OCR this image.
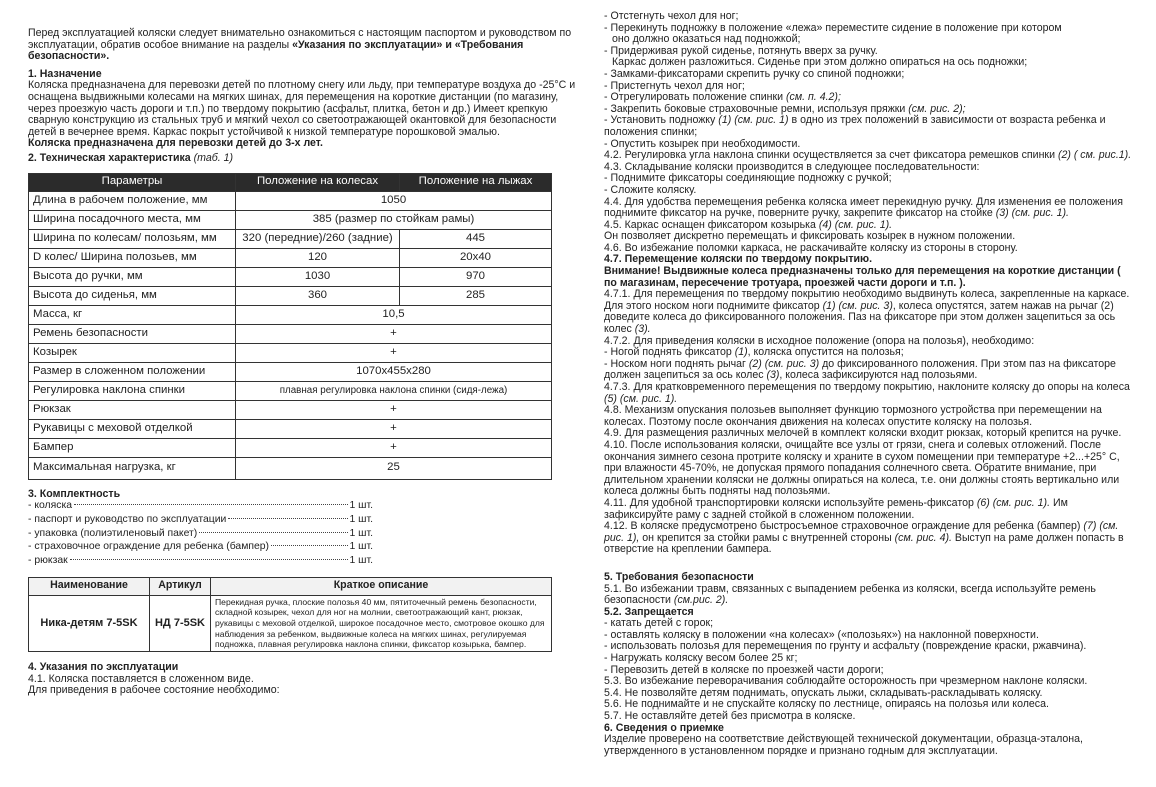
Перед эксплуатацией коляски следует внимательно ознакомиться с настоящим паспортом и руководством по эксплуатации, обратив особое внимание на разделы «Указания по эксплуатации» и «Требования безопасности».

1. Назначение

Коляска предназначена для перевозки детей по плотному снегу или льду, при температуре воздуха до -25°С и оснащена выдвижными колесами на мягких шинах, для перемещения на короткие дистанции (по магазину, через проезжую часть дороги и т.п.) по твердому покрытию (асфальт, плитка, бетон и др.) Имеет крепкую сварную конструкцию из стальных труб и мягкий чехол со светоотражающей окантовкой для безопасности детей в вечернее время. Каркас покрыт устойчивой к низкой температуре порошковой эмалью.

Коляска предназначена для перевозки детей до 3-х лет.

2. Техническая характеристика (таб. 1)

Параметры	Положение на колесах	Положение на лыжах
Длина в рабочем положение, мм	1050	
Ширина посадочного места, мм	385 (размер по стойкам рамы)	
Ширина по колесам/ полозьям, мм	320 (передние)/260 (задние)	445
D колес/ Ширина полозьев, мм	120	20х40
Высота до ручки, мм	1030	970
Высота до сиденья, мм	360	285
Масса, кг	10,5	
Ремень безопасности	+	
Козырек	+	
Размер в сложенном положении	1070x455x280	
Регулировка наклона спинки	плавная регулировка наклона спинки (сидя-лежа)	
Рюкзак	+	
Рукавицы с меховой отделкой	+	
Бампер	+	
Максимальная нагрузка, кг	25	

3. Комплектность

- коляска	1 шт.
- паспорт и руководство по эксплуатации	1 шт.
- упаковка (полиэтиленовый пакет)	1 шт.
- страховочное ограждение для ребенка (бампер)	1 шт.
- рюкзак	1 шт.
Наименование	Артикул	Краткое описание
Ника-детям 7-5SK	НД 7-5SK	Перекидная ручка, плоские полозья 40 мм, пятиточечный ремень безопасности, складной козырек, чехол для ног на молнии, светоотражающий кант, рюкзак, рукавицы с меховой отделкой, широкое посадочное место, смотровое окошко для наблюдения за ребенком, выдвижные колеса на мягких шинах, регулируемая подножка, плавная регулировка наклона спинки, фиксатор козырька, бампер.

4. Указания по эксплуатации

4.1. Коляска поставляется в сложенном виде.

Для приведения в рабочее состояние необходимо:

- Отстегнуть чехол для ног;

- Перекинуть подножку в положение «лежа» переместите сидение в положение при котором

оно должно оказаться над подножкой;

- Придерживая рукой сиденье, потянуть вверх за ручку.

Каркас должен разложиться. Сиденье при этом должно опираться на ось подножки;

- Замками-фиксаторами скрепить ручку со спиной подножки;

- Пристегнуть чехол для ног;

- Отрегулировать положение спинки (см. п. 4.2);

- Закрепить боковые страховочные ремни, используя пряжки (см. рис. 2);

- Установить подножку (1) (см. рис. 1) в одно из трех положений в зависимости от возраста ребенка и положения спинки;

- Опустить козырек при необходимости.

4.2. Регулировка угла наклона спинки осуществляется за счет фиксатора ремешков спинки (2) ( см. рис.1).

4.3. Складывание коляски производится в следующее последовательности:

- Поднимите фиксаторы соединяющие подножку с ручкой;

- Сложите коляску.

4.4. Для удобства перемещения ребенка коляска имеет перекидную ручку. Для изменения ее положения поднимите фиксатор на ручке, поверните ручку, закрепите фиксатор на стойке (3) (см. рис. 1).

4.5. Каркас оснащен фиксатором козырька (4) (см. рис. 1).

Он позволяет дискретно перемещать и фиксировать козырек в нужном положении.

4.6. Во избежание поломки каркаса, не раскачивайте коляску из стороны в сторону.

4.7. Перемещение коляски по твердому покрытию.

Внимание! Выдвижные колеса предназначены только для перемещения на короткие дистанции ( по магазинам, пересечение тротуара, проезжей части дороги и т.п. ).

4.7.1. Для перемещения по твердому покрытию необходимо выдвинуть колеса, закрепленные на каркасе. Для этого носком ноги поднимите фиксатор (1) (см. рис. 3), колеса опустятся, затем нажав на рычаг (2) доведите колеса до фиксированного положения. Паз на фиксаторе при этом должен зацепиться за ось колес (3).

4.7.2. Для приведения коляски в исходное положение (опора на полозья), необходимо:

- Ногой поднять фиксатор (1), коляска опустится на полозья;

- Носком ноги поднять рычаг (2) (см. рис. 3) до фиксированного положения. При этом паз на фиксаторе должен зацепиться за ось колес (3), колеса зафиксируются над полозьями.

4.7.3. Для кратковременного перемещения по твердому покрытию, наклоните коляску до опоры на колеса (5) (см. рис. 1).

4.8. Механизм опускания полозьев выполняет функцию тормозного устройства при перемещении на колесах. Поэтому после окончания движения на колесах опустите коляску на полозья.

4.9. Для размещения различных мелочей в комплект коляски входит рюкзак, который крепится на ручке.

4.10. После использования коляски, очищайте все узлы от грязи, снега и солевых отложений. После окончания зимнего сезона протрите коляску и храните в сухом помещении при температуре +2...+25° С, при влажности 45-70%, не допуская прямого попадания солнечного света. Обратите внимание, при длительном хранении коляски не должны опираться на колеса, т.е. они должны стоять вертикально или колеса должны быть подняты над полозьями.

4.11. Для удобной транспортировки коляски используйте ремень-фиксатор (6) (см. рис. 1). Им зафиксируйте раму с задней стойкой в сложенном положении.

4.12. В коляске предусмотрено быстросъемное страховочное ограждение для ребенка (бампер) (7) (см. рис. 1), он крепится за стойки рамы с внутренней стороны (см. рис. 4). Выступ на раме должен попасть в отверстие на креплении бампера.

5. Требования безопасности

5.1. Во избежании травм, связанных с выпадением ребенка из коляски, всегда используйте ремень безопасности (см.рис. 2).

5.2. Запрещается

- катать детей с горок;

- оставлять коляску в положении «на колесах» («полозьях») на наклонной поверхности.

- использовать полозья для перемещения по грунту и асфальту (повреждение краски, ржавчина).

- Нагружать коляску весом более 25 кг;

- Перевозить детей в коляске по проезжей части дороги;

5.3. Во избежание переворачивания соблюдайте осторожность при чрезмерном наклоне коляски.

5.4. Не позволяйте детям поднимать, опускать лыжи, складывать-раскладывать коляску.

5.6. Не поднимайте и не спускайте коляску по лестнице, опираясь на полозья или колеса.

5.7. Не оставляйте детей без присмотра в коляске.

6. Сведения о приемке

Изделие проверено на соответствие действующей технической документации, образца-эталона, утвержденного в установленном порядке и признано годным для эксплуатации.
